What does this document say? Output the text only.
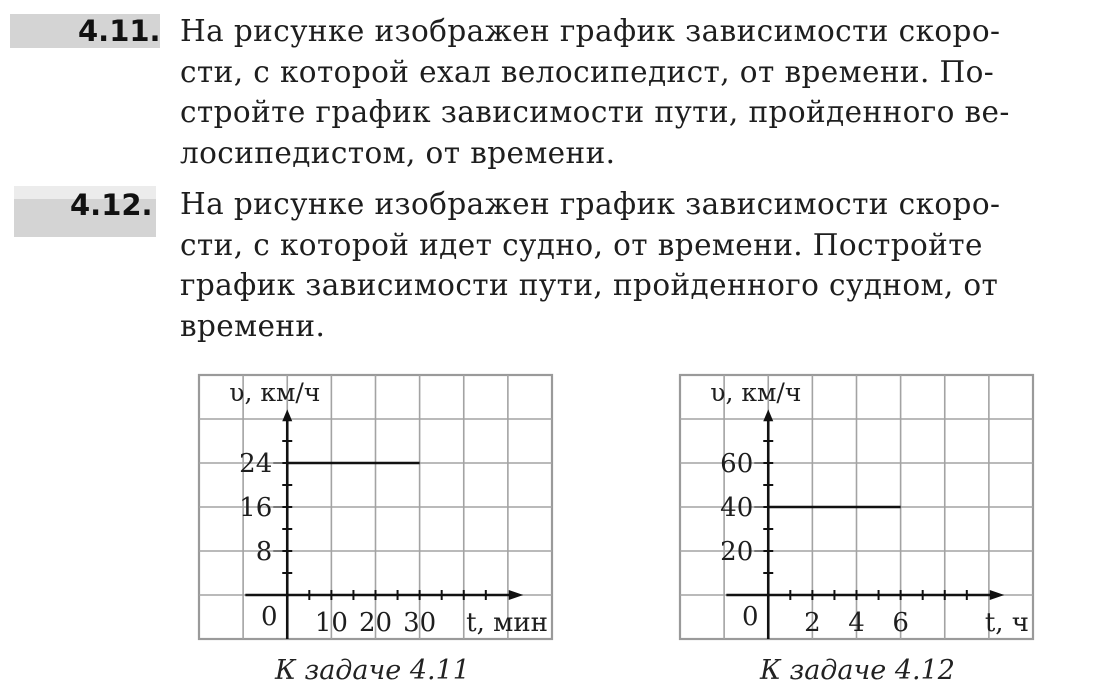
4.11. На рисунке изображен график зависимости скоро-
сти, с которой ехал велосипедист, от времени. По-
стройте график зависимости пути, пройденного ве-
лосипедистом, от времени.

4.12. На рисунке изображен график зависимости скоро-
сти, с которой идет судно, от времени. Постройте
график зависимости пути, пройденного судном, от
времени.

8
16
24
10 20 30
0
υ, км/ч
t, мин
20
40
60
2 4 6
0
υ, км/ч
t, ч
К задаче 4.11	К задаче 4.12
